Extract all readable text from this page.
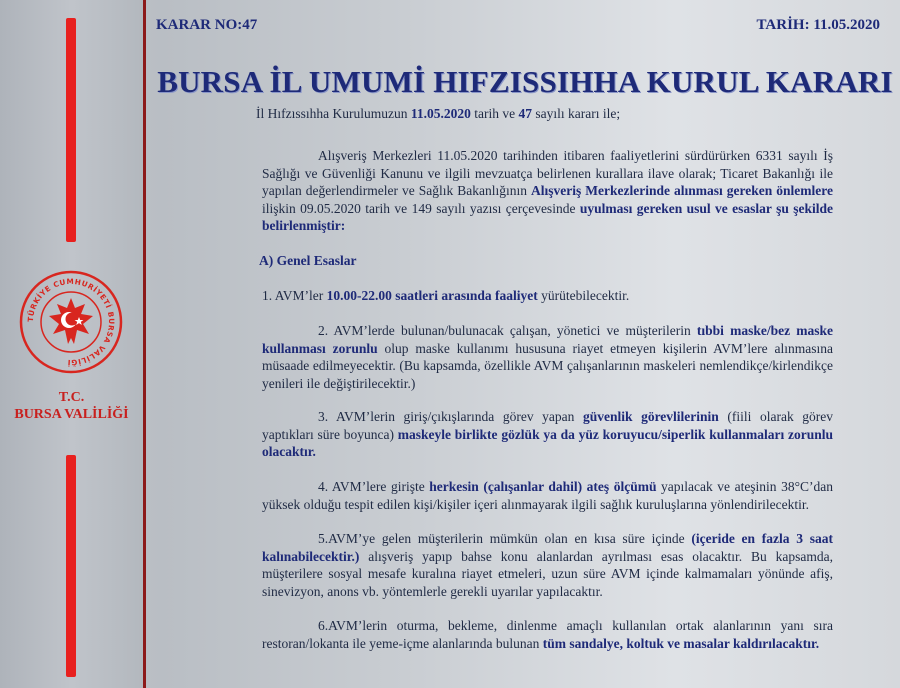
TÜRKİYE CUMHURİYETİ BURSA VALİLİĞİ
T.C.
BURSA VALİLİĞİ
KARAR NO:47	TARİH: 11.05.2020
BURSA İL UMUMİ HIFZISSIHHA KURUL KARARI
İl Hıfzıssıhha Kurulumuzun 11.05.2020 tarih ve 47 sayılı kararı ile;
Alışveriş Merkezleri 11.05.2020 tarihinden itibaren faaliyetlerini sürdürürken 6331 sayılı İş Sağlığı ve Güvenliği Kanunu ve ilgili mevzuatça belirlenen kurallara ilave olarak; Ticaret Bakanlığı ile yapılan değerlendirmeler ve Sağlık Bakanlığının Alışveriş Merkezlerinde alınması gereken önlemlere ilişkin 09.05.2020 tarih ve 149 sayılı yazısı çerçevesinde uyulması gereken usul ve esaslar şu şekilde belirlenmiştir:
A) Genel Esaslar
1. AVM’ler 10.00-22.00 saatleri arasında faaliyet yürütebilecektir.
2. AVM’lerde bulunan/bulunacak çalışan, yönetici ve müşterilerin tıbbi maske/bez maske kullanması zorunlu olup maske kullanımı hususuna riayet etmeyen kişilerin AVM’lere alınmasına müsaade edilmeyecektir. (Bu kapsamda, özellikle AVM çalışanlarının maskeleri nemlendikçe/kirlendikçe yenileri ile değiştirilecektir.)
3. AVM’lerin giriş/çıkışlarında görev yapan güvenlik görevlilerinin (fiili olarak görev yaptıkları süre boyunca) maskeyle birlikte gözlük ya da yüz koruyucu/siperlik kullanmaları zorunlu olacaktır.
4. AVM’lere girişte herkesin (çalışanlar dahil) ateş ölçümü yapılacak ve ateşinin 38°C’dan yüksek olduğu tespit edilen kişi/kişiler içeri alınmayarak ilgili sağlık kuruluşlarına yönlendirilecektir.
5.AVM’ye gelen müşterilerin mümkün olan en kısa süre içinde (içeride en fazla 3 saat kalınabilecektir.) alışveriş yapıp bahse konu alanlardan ayrılması esas olacaktır. Bu kapsamda, müşterilere sosyal mesafe kuralına riayet etmeleri, uzun süre AVM içinde kalmamaları yönünde afiş, sinevizyon, anons vb. yöntemlerle gerekli uyarılar yapılacaktır.
6.AVM’lerin oturma, bekleme, dinlenme amaçlı kullanılan ortak alanlarının yanı sıra restoran/lokanta ile yeme-içme alanlarında bulunan tüm sandalye, koltuk ve masalar kaldırılacaktır.
